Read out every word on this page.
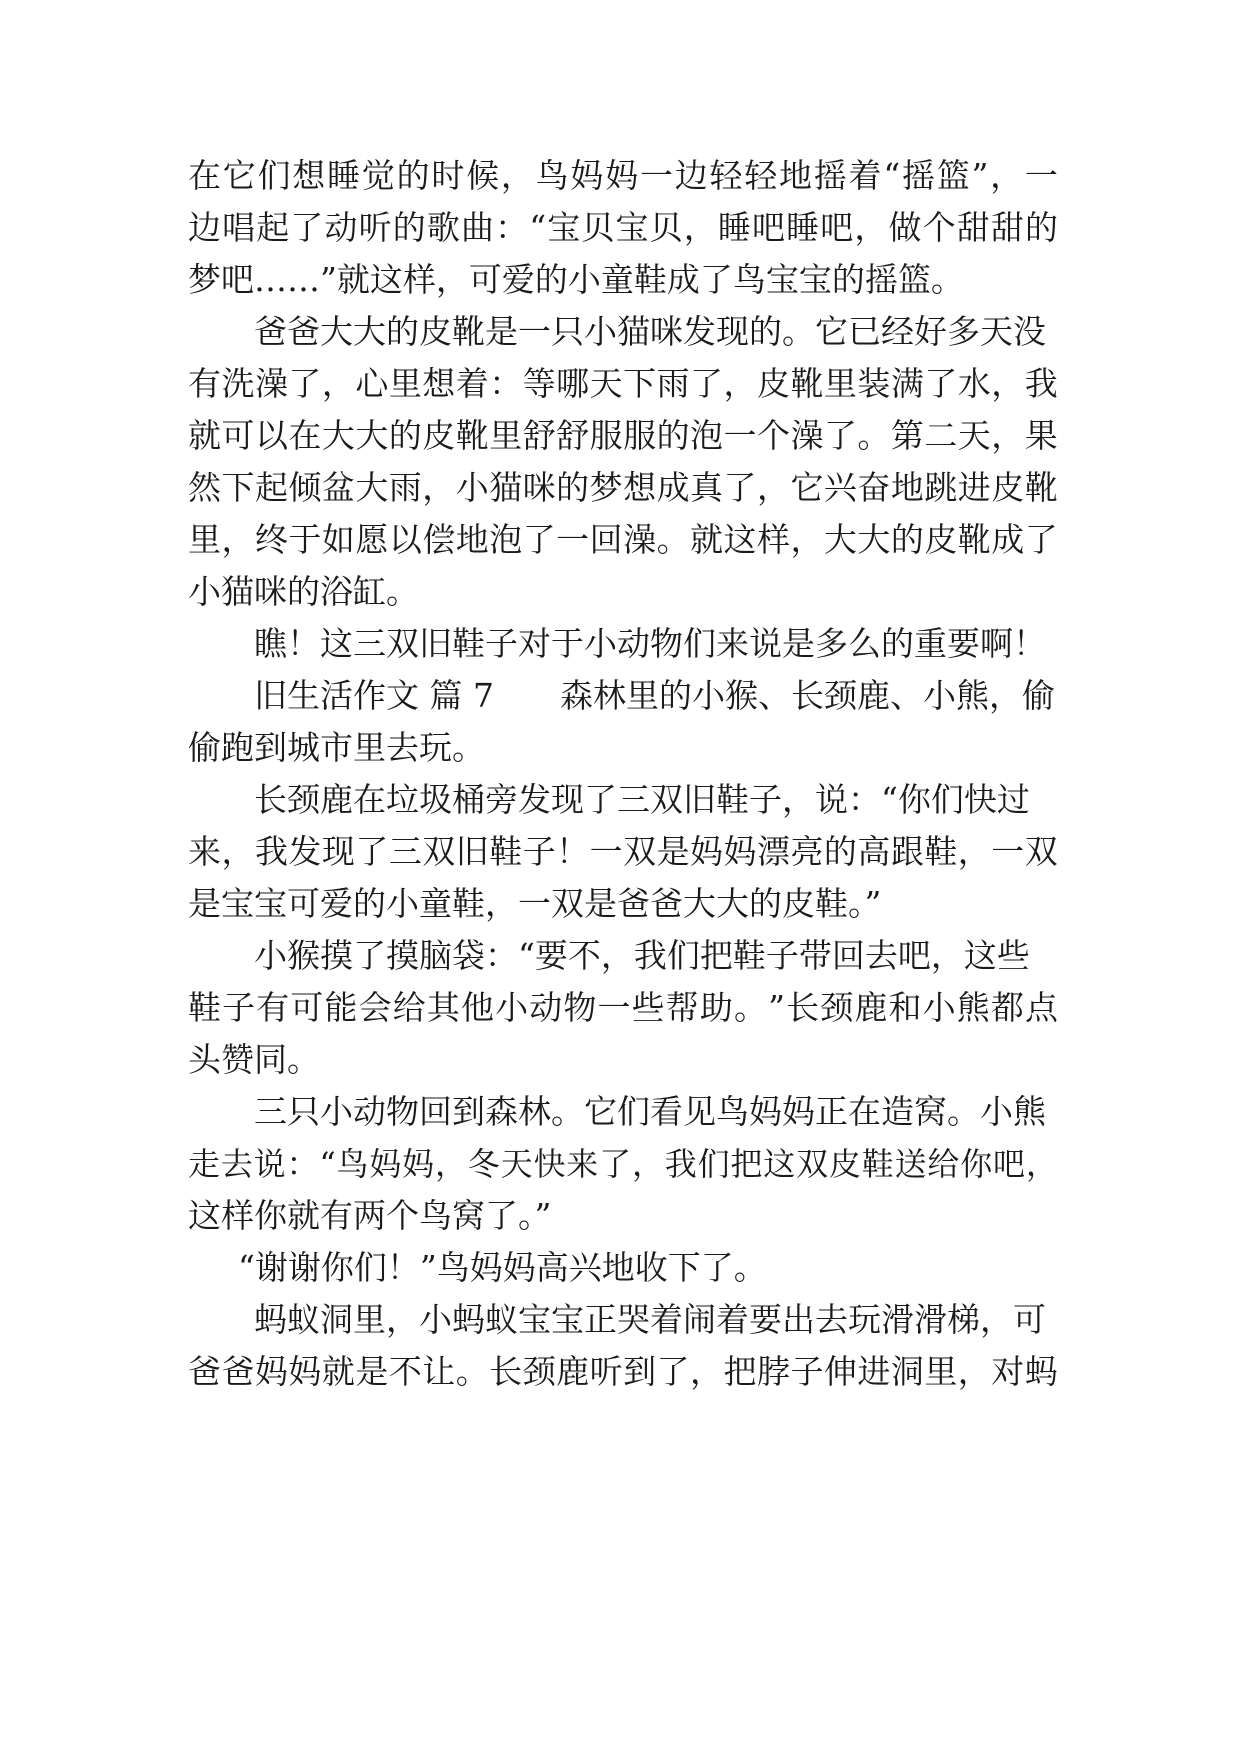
在 它 们 想 睡 觉 的 时 候 ， 鸟 妈 妈 一 边 轻 轻 地 摇 着 “ 摇 篮 ” ， 一
边 唱 起 了 动 听 的 歌 曲 ： “ 宝 贝 宝 贝 ， 睡 吧 睡 吧 ， 做 个 甜 甜 的
梦吧……”就这样，可爱的小童鞋成了鸟宝宝的摇篮。
爸爸大大的皮靴是一只小猫咪发现的。它已经好多天没
有 洗 澡 了 ， 心 里 想 着 ： 等 哪 天 下 雨 了 ， 皮 靴 里 装 满 了 水 ， 我
就 可 以 在 大 大 的 皮 靴 里 舒 舒 服 服 的 泡 一 个 澡 了 。 第 二 天 ， 果
然 下 起 倾 盆 大 雨 ， 小 猫 咪 的 梦 想 成 真 了 ， 它 兴 奋 地 跳 进 皮 靴
里 ， 终 于 如 愿 以 偿 地 泡 了 一 回 澡 。 就 这 样 ， 大 大 的 皮 靴 成 了
小猫咪的浴缸。
瞧！这三双旧鞋子对于小动物们来说是多么的重要啊！
旧生活作文 篇 7　　森林里的小猴、长颈鹿、小熊，偷
偷跑到城市里去玩。
长颈鹿在垃圾桶旁发现了三双旧鞋子，说：“你们快过
来 ， 我 发 现 了 三 双 旧 鞋 子 ！ 一 双 是 妈 妈 漂 亮 的 高 跟 鞋 ， 一 双
是宝宝可爱的小童鞋，一双是爸爸大大的皮鞋。”
小猴摸了摸脑袋：“要不，我们把鞋子带回去吧，这些
鞋 子 有 可 能 会 给 其 他 小 动 物 一 些 帮 助 。 ” 长 颈 鹿 和 小 熊 都 点
头赞同。
三只小动物回到森林。它们看见鸟妈妈正在造窝。小熊
走 去 说 ： “ 鸟 妈 妈 ， 冬 天 快 来 了 ， 我 们 把 这 双 皮 鞋 送 给 你 吧 ，
这样你就有两个鸟窝了。”
“谢谢你们！”鸟妈妈高兴地收下了。
蚂蚁洞里，小蚂蚁宝宝正哭着闹着要出去玩滑滑梯，可
爸 爸 妈 妈 就 是 不 让 。 长 颈 鹿 听 到 了 ， 把 脖 子 伸 进 洞 里 ， 对 蚂
